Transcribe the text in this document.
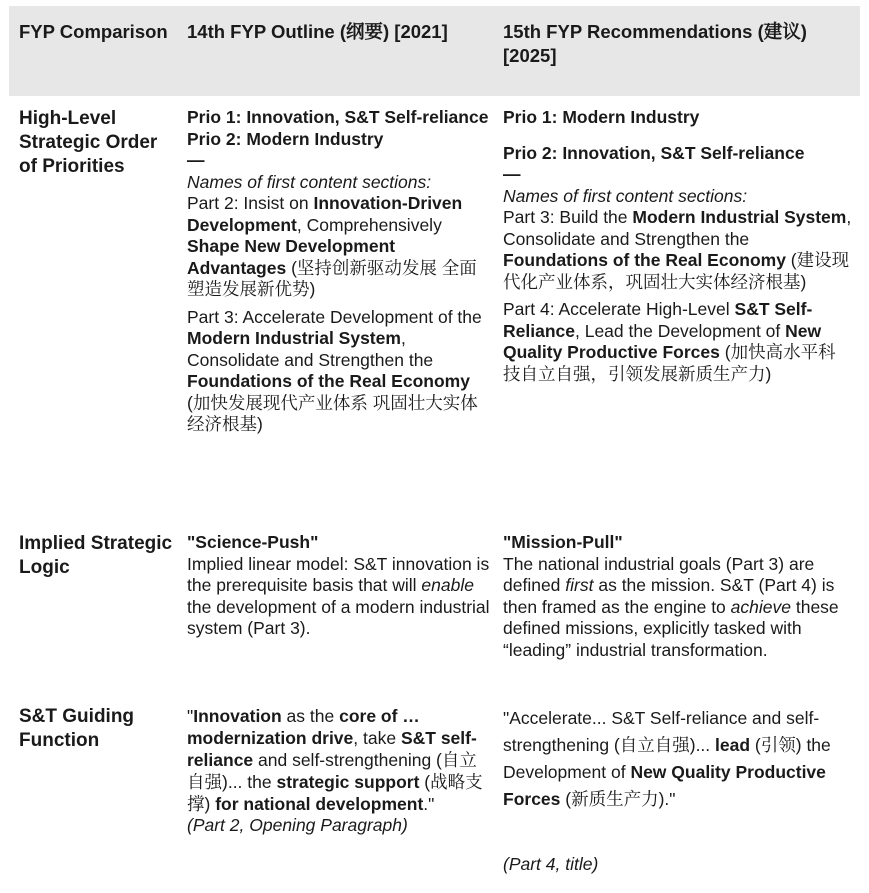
FYP Comparison	14th FYP Outline (纲要) [2021]	15th FYP Recommendations (建议) [2025]
High-Level Strategic Order of Priorities

Prio 1: Innovation, S&T Self-reliance

Prio 2: Modern Industry

—

Names of first content sections:

Part 2: Insist on Innovation-Driven Development, Comprehensively Shape New Development Advantages (坚持创新驱动发展 全面塑造发展新优势)

Part 3: Accelerate Development of the Modern Industrial System, Consolidate and Strengthen the Foundations of the Real Economy (加快发展现代产业体系 巩固壮大实体经济根基)

Prio 1: Modern Industry

Prio 2: Innovation, S&T Self-reliance

—

Names of first content sections:

Part 3: Build the Modern Industrial System, Consolidate and Strengthen the Foundations of the Real Economy (建设现代化产业体系，巩固壮大实体经济根基)

Part 4: Accelerate High-Level S&T Self-Reliance, Lead the Development of New Quality Productive Forces (加快高水平科技自立自强，引领发展新质生产力)

Implied Strategic Logic

"Science-Push"

Implied linear model: S&T innovation is the prerequisite basis that will enable the development of a modern industrial system (Part 3).

"Mission-Pull"

The national industrial goals (Part 3) are defined first as the mission. S&T (Part 4) is then framed as the engine to achieve these defined missions, explicitly tasked with “leading” industrial transformation.

S&T Guiding Function

"Innovation as the core of … modernization drive, take S&T self-reliance and self-strengthening (自立自强)... the strategic support (战略支撑) for national development."

(Part 2, Opening Paragraph)

"Accelerate... S&T Self-reliance and self-strengthening (自立自强)... lead (引领) the Development of New Quality Productive Forces (新质生产力)."

(Part 4, title)
